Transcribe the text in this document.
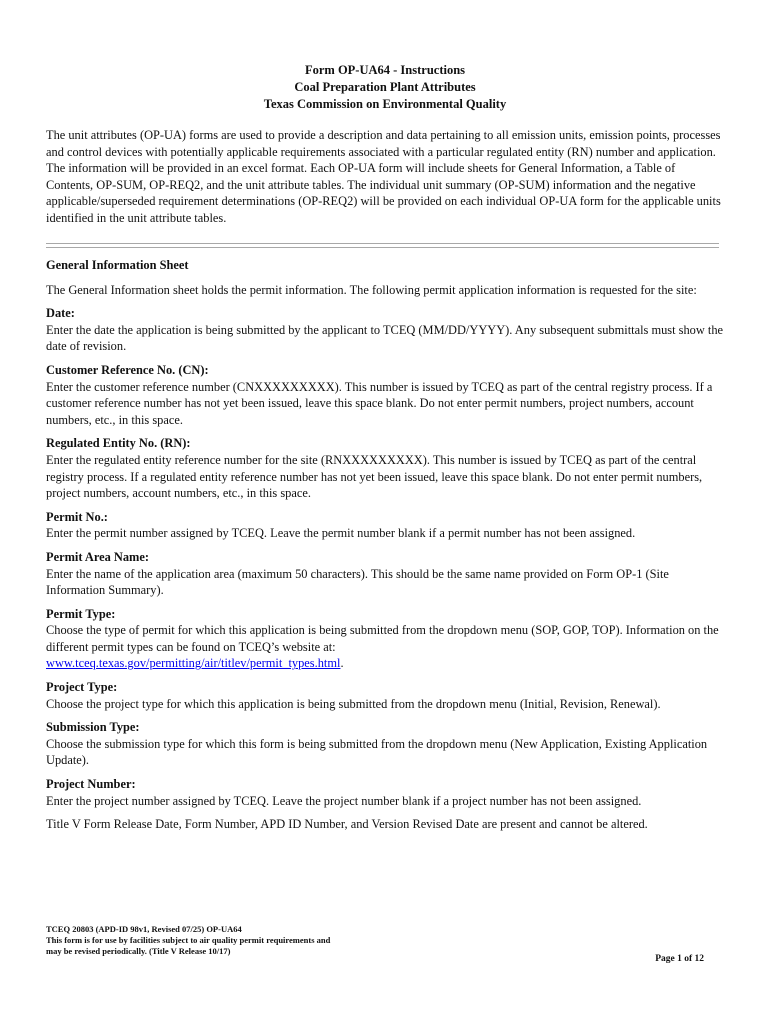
Form OP-UA64 - Instructions
Coal Preparation Plant Attributes
Texas Commission on Environmental Quality

The unit attributes (OP-UA) forms are used to provide a description and data pertaining to all emission units, emission points, processes and control devices with potentially applicable requirements associated with a particular regulated entity (RN) number and application. The information will be provided in an excel format. Each OP-UA form will include sheets for General Information, a Table of Contents, OP-SUM, OP-REQ2, and the unit attribute tables. The individual unit summary (OP-SUM) information and the negative applicable/superseded requirement determinations (OP-REQ2) will be provided on each individual OP-UA form for the applicable units identified in the unit attribute tables.

General Information Sheet
The General Information sheet holds the permit information. The following permit application information is requested for the site:
Date:
Enter the date the application is being submitted by the applicant to TCEQ (MM/DD/YYYY). Any subsequent submittals must show the date of revision.
Customer Reference No. (CN):
Enter the customer reference number (CNXXXXXXXXX). This number is issued by TCEQ as part of the central registry process. If a customer reference number has not yet been issued, leave this space blank. Do not enter permit numbers, project numbers, account numbers, etc., in this space.
Regulated Entity No. (RN):
Enter the regulated entity reference number for the site (RNXXXXXXXXX). This number is issued by TCEQ as part of the central registry process. If a regulated entity reference number has not yet been issued, leave this space blank. Do not enter permit numbers, project numbers, account numbers, etc., in this space.
Permit No.:
Enter the permit number assigned by TCEQ. Leave the permit number blank if a permit number has not been assigned.
Permit Area Name:
Enter the name of the application area (maximum 50 characters). This should be the same name provided on Form OP-1 (Site Information Summary).
Permit Type:
Choose the type of permit for which this application is being submitted from the dropdown menu (SOP, GOP, TOP). Information on the different permit types can be found on TCEQ’s website at:
www.tceq.texas.gov/permitting/air/titlev/permit_types.html.
Project Type:
Choose the project type for which this application is being submitted from the dropdown menu (Initial, Revision, Renewal).
Submission Type:
Choose the submission type for which this form is being submitted from the dropdown menu (New Application, Existing Application Update).
Project Number:
Enter the project number assigned by TCEQ. Leave the project number blank if a project number has not been assigned.
Title V Form Release Date, Form Number, APD ID Number, and Version Revised Date are present and cannot be altered.
TCEQ 20803 (APD-ID 98v1, Revised 07/25) OP-UA64
This form is for use by facilities subject to air quality permit requirements and
may be revised periodically. (Title V Release 10/17)
Page 1 of 12
